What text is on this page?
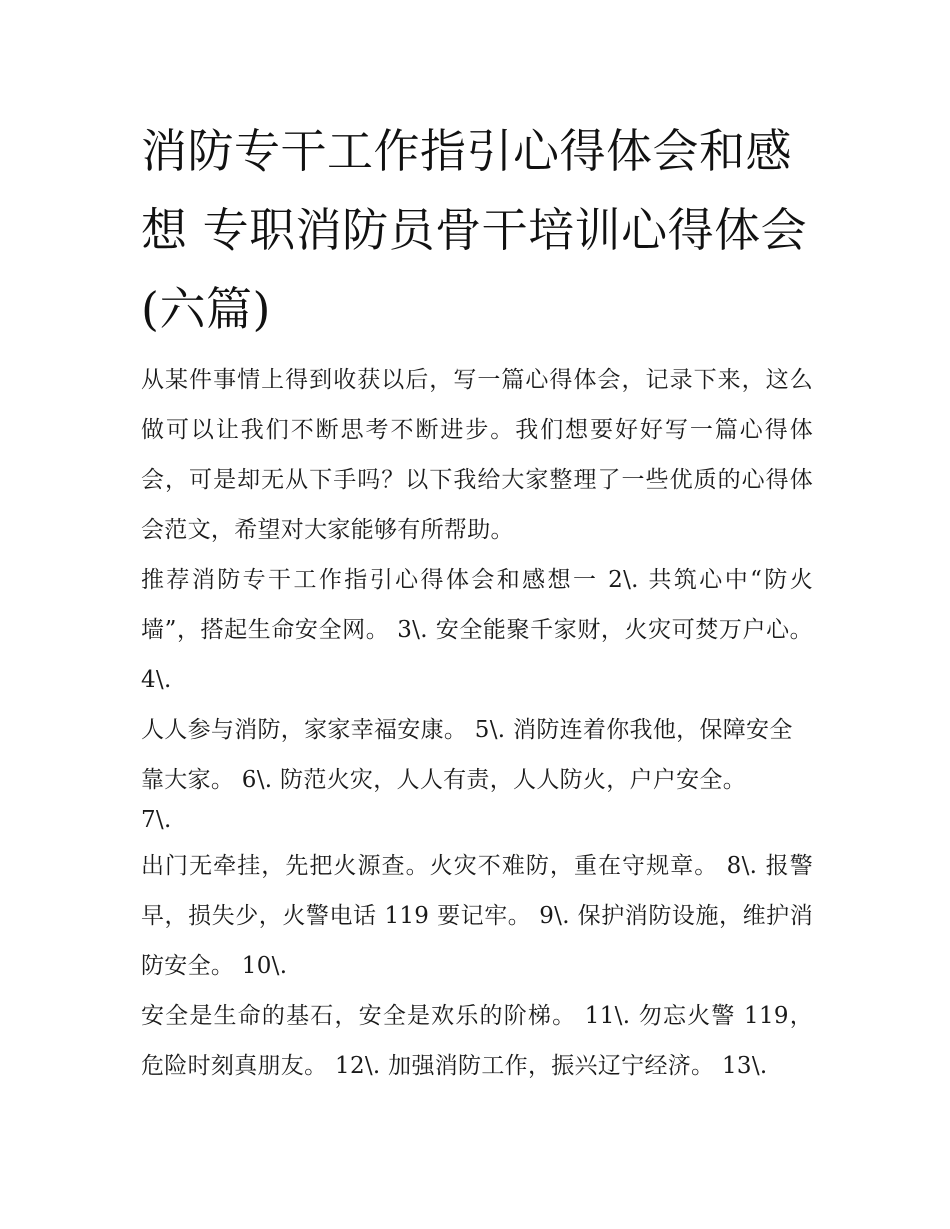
消防专干工作指引心得体会和感想 专职消防员骨干培训心得体会(六篇)

从某件事情上得到收获以后，写一篇心得体会，记录下来，这么做可以让我们不断思考不断进步。我们想要好好写一篇心得体会，可是却无从下手吗？以下我给大家整理了一些优质的心得体会范文，希望对大家能够有所帮助。

推荐消防专干工作指引心得体会和感想一 2\. 共筑心中“防火墙”，搭起生命安全网。 3\. 安全能聚千家财，火灾可焚万户心。 4\.

人人参与消防，家家幸福安康。 5\. 消防连着你我他，保障安全靠大家。 6\. 防范火灾，人人有责，人人防火，户户安全。
7\.

出门无牵挂，先把火源查。火灾不难防，重在守规章。 8\. 报警早，损失少，火警电话 119 要记牢。 9\. 保护消防设施，维护消防安全。 10\.

安全是生命的基石，安全是欢乐的阶梯。 11\. 勿忘火警 119，危险时刻真朋友。 12\. 加强消防工作，振兴辽宁经济。 13\.
